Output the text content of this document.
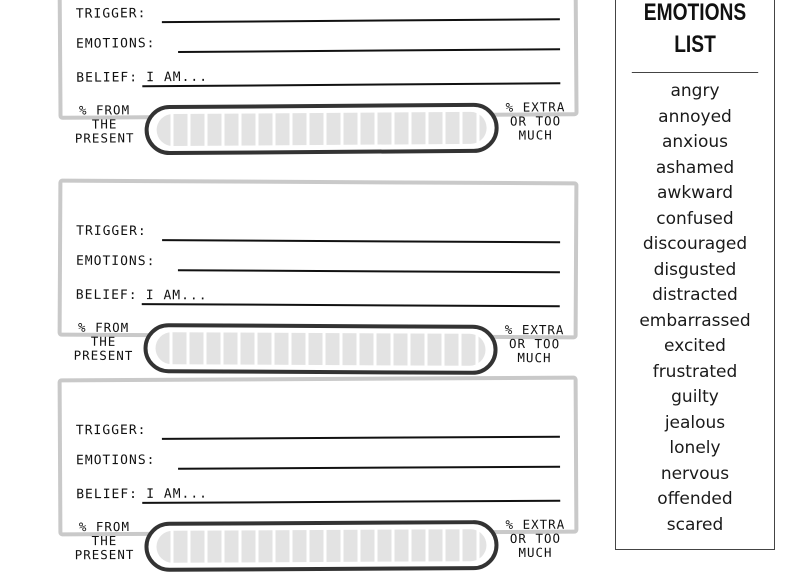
TRIGGER:
EMOTIONS:
BELIEF: I AM...
% FROM
THE
PRESENT
% EXTRA
OR TOO
MUCH
TRIGGER:
EMOTIONS:
BELIEF: I AM...
% FROM
THE
PRESENT
% EXTRA
OR TOO
MUCH
TRIGGER:
EMOTIONS:
BELIEF: I AM...
% FROM
THE
PRESENT
% EXTRA
OR TOO
MUCH
EMOTIONS
LIST
angry
annoyed
anxious
ashamed
awkward
confused
discouraged
disgusted
distracted
embarrassed
excited
frustrated
guilty
jealous
lonely
nervous
offended
scared
